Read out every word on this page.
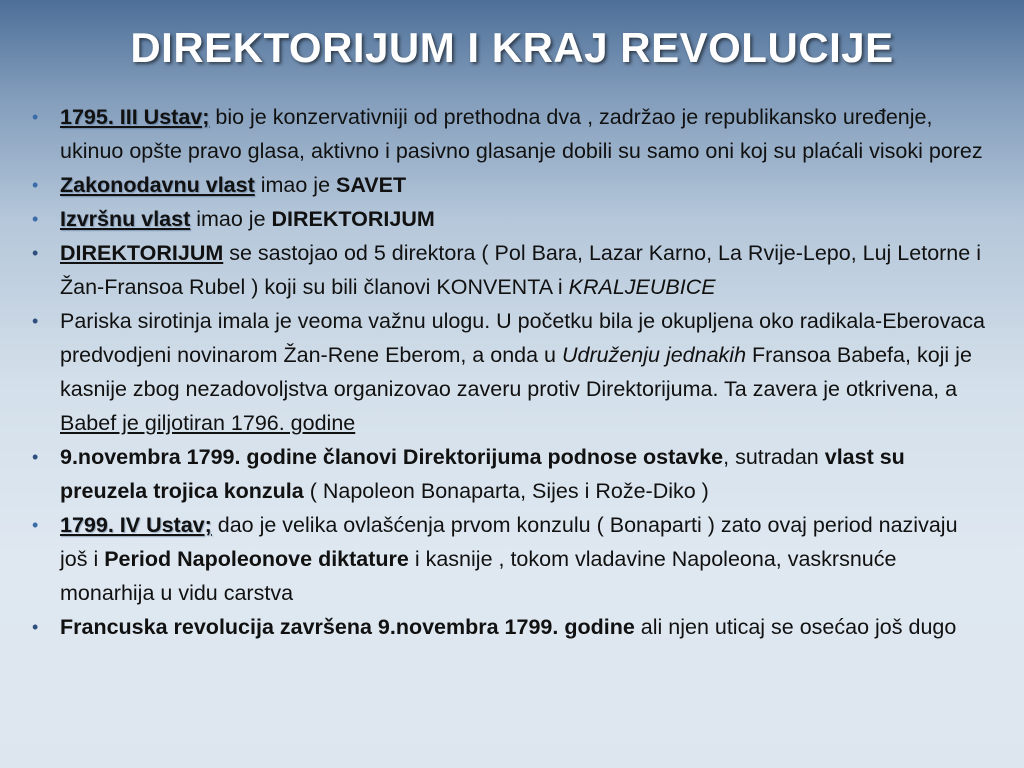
DIREKTORIJUM I KRAJ REVOLUCIJE
• 1795. III Ustav; bio je konzervativniji od prethodna dva , zadržao je republikansko uređenje, ukinuo opšte pravo glasa, aktivno i pasivno glasanje dobili su samo oni koj su plaćali visoki porez
• Zakonodavnu vlast imao je SAVET
• Izvršnu vlast imao je DIREKTORIJUM
• DIREKTORIJUM se sastojao od 5 direktora ( Pol Bara, Lazar Karno, La Rvije-Lepo, Luj Letorne i Žan-Fransoa Rubel ) koji su bili članovi KONVENTA i KRALJEUBICE
• Pariska sirotinja imala je veoma važnu ulogu. U početku bila je okupljena oko radikala-Eberovaca predvodjeni novinarom Žan-Rene Eberom, a onda u Udruženju jednakih Fransoa Babefa, koji je kasnije zbog nezadovoljstva organizovao zaveru protiv Direktorijuma. Ta zavera je otkrivena, a Babef je giljotiran 1796. godine
• 9.novembra 1799. godine članovi Direktorijuma podnose ostavke, sutradan vlast su preuzela trojica konzula ( Napoleon Bonaparta, Sijes i Rože-Diko )
• 1799. IV Ustav; dao je velika ovlašćenja prvom konzulu ( Bonaparti ) zato ovaj period nazivaju još i Period Napoleonove diktature i kasnije , tokom vladavine Napoleona, vaskrsnuće monarhija u vidu carstva
• Francuska revolucija završena 9.novembra 1799. godine ali njen uticaj se osećao još dugo
